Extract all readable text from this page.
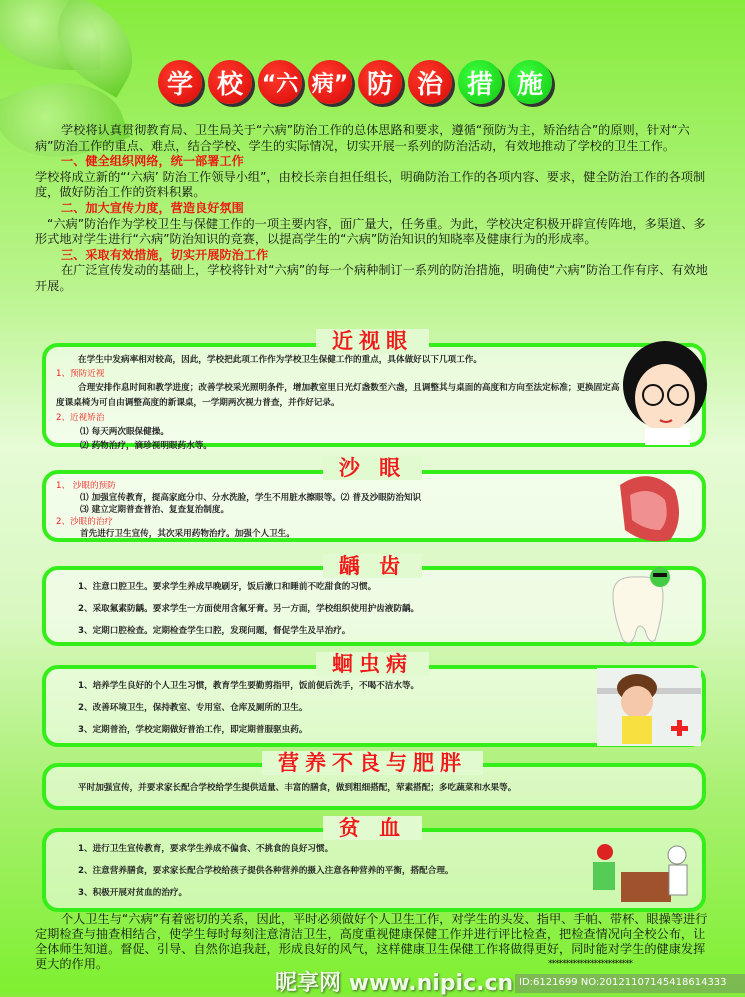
学 校 “六 病” 防 治 措 施

学校将认真贯彻教育局、卫生局关于“六病”防治工作的总体思路和要求，遵循“预防为主，矫治结合”的原则，针对“六病”防治工作的重点、难点，结合学校、学生的实际情况，切实开展一系列的防治活动，有效地推动了学校的卫生工作。

一、健全组织网络，统一部署工作

学校将成立新的“‘六病’ 防治工作领导小组”，由校长亲自担任组长，明确防治工作的各项内容、要求，健全防治工作的各项制度，做好防治工作的资料积累。

二、加大宣传力度，营造良好氛围

“六病”防治作为学校卫生与保健工作的一项主要内容，面广量大，任务重。为此，学校决定积极开辟宣传阵地，多渠道、多形式地对学生进行“六病”防治知识的竞赛，以提高学生的“六病”防治知识的知晓率及健康行为的形成率。

三、采取有效措施，切实开展防治工作

在广泛宣传发动的基础上，学校将针对“六病”的每一个病种制订一系列的防治措施，明确使“六病”防治工作有序、有效地开展。

近视眼
在学生中发病率相对较高，因此，学校把此项工作作为学校卫生保健工作的重点，具体做好以下几项工作。
1、预防近视
合理安排作息时间和教学进度；改善学校采光照明条件，增加教室里日光灯盏数至六盏，且调整其与桌面的高度和方向至法定标准；更换固定高度课桌椅为可自由调整高度的新课桌，一学期两次视力普查，并作好记录。
2、近视矫治
⑴ 每天两次眼保健操。
⑵ 药物治疗，滴珍视明眼药水等。
沙 眼
1、 沙眼的预防
⑴ 加强宣传教育，提高家庭分巾、分水洗脸，学生不用脏水擦眼等。⑵ 普及沙眼防治知识
⑶ 建立定期普查普治、复查复治制度。
2、沙眼的治疗
首先进行卫生宣传，其次采用药物治疗。加强个人卫生。
龋 齿
1、注意口腔卫生。要求学生养成早晚刷牙，饭后漱口和睡前不吃甜食的习惯。
2、采取氟素防龋。要求学生一方面使用含氟牙膏。另一方面，学校组织使用护齿液防龋。
3、定期口腔检查。定期检查学生口腔，发现问题，督促学生及早治疗。
蛔虫病
1、培养学生良好的个人卫生习惯，教育学生要勤剪指甲，饭前便后洗手，不喝不洁水等。
2、改善环境卫生，保持教室、专用室、仓库及厕所的卫生。
3、定期普治，学校定期做好普治工作，即定期普服驱虫药。
营养不良与肥胖
平时加强宣传，并要求家长配合学校给学生提供适量、丰富的膳食，做到粗细搭配，荤素搭配；多吃蔬菜和水果等。
贫 血
1、进行卫生宣传教育，要求学生养成不偏食、不挑食的良好习惯。
2、注意营养膳食，要求家长配合学校给孩子提供各种营养的摄入注意各种营养的平衡，搭配合理。
3、积极开展对贫血的治疗。

个人卫生与“六病”有着密切的关系，因此，平时必须做好个人卫生工作，对学生的头发、指甲、手帕、带杯、眼操等进行定期检查与抽查相结合，使学生每时每刻注意清洁卫生，高度重视健康保健工作并进行评比检查，把检查情况向全校公布，让全体师生知道。督促、引导、自然你追我赶，形成良好的风气，这样健康卫生保健工作将做得更好，同时能对学生的健康发挥更大的作用。

昵享网 www.nipic.cn
************************
ID:6121699 NO:20121107145418614333
